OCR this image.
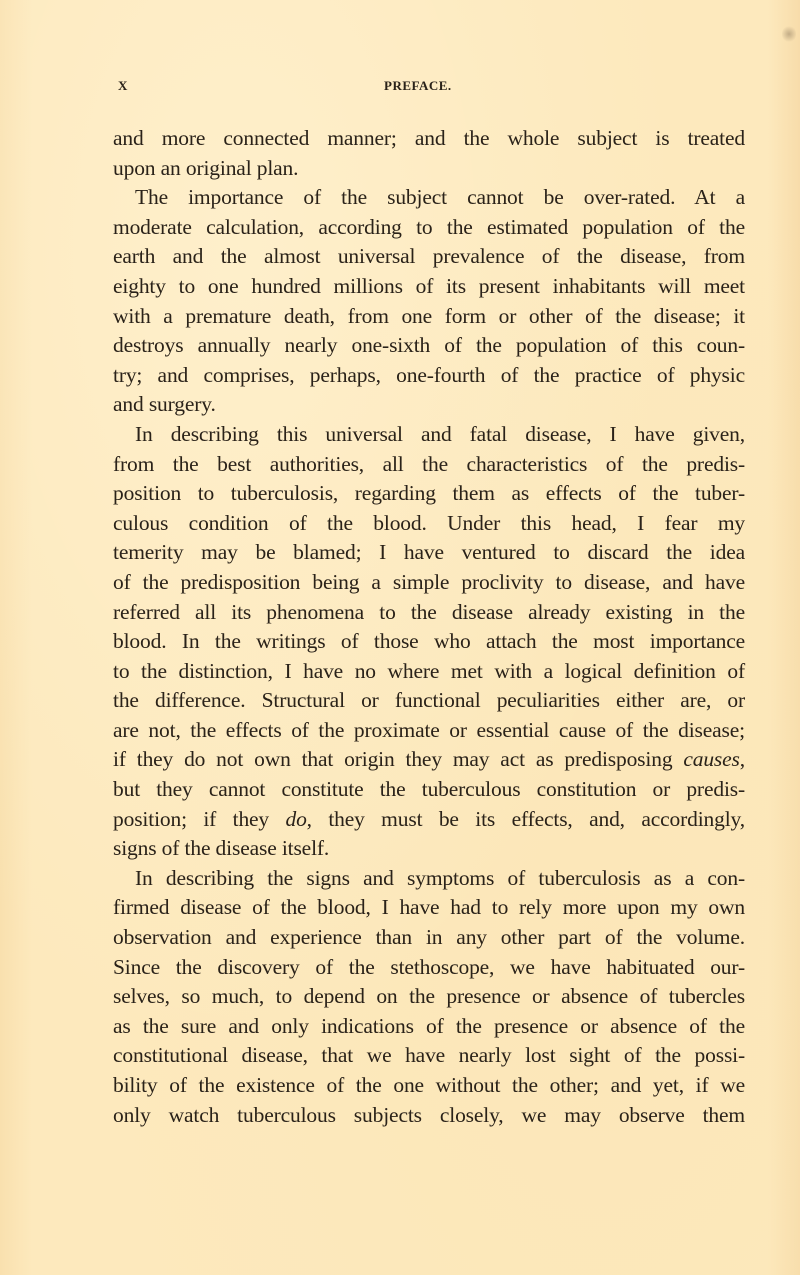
X	PREFACE.
and more connected manner; and the whole subject is treated
upon an original plan.
The importance of the subject cannot be over-rated. At a
moderate calculation, according to the estimated population of the
earth and the almost universal prevalence of the disease, from
eighty to one hundred millions of its present inhabitants will meet
with a premature death, from one form or other of the disease; it
destroys annually nearly one-sixth of the population of this coun-
try; and comprises, perhaps, one-fourth of the practice of physic
and surgery.
In describing this universal and fatal disease, I have given,
from the best authorities, all the characteristics of the predis-
position to tuberculosis, regarding them as effects of the tuber-
culous condition of the blood. Under this head, I fear my
temerity may be blamed; I have ventured to discard the idea
of the predisposition being a simple proclivity to disease, and have
referred all its phenomena to the disease already existing in the
blood. In the writings of those who attach the most importance
to the distinction, I have no where met with a logical definition of
the difference. Structural or functional peculiarities either are, or
are not, the effects of the proximate or essential cause of the disease;
if they do not own that origin they may act as predisposing causes,
but they cannot constitute the tuberculous constitution or predis-
position; if they do, they must be its effects, and, accordingly,
signs of the disease itself.
In describing the signs and symptoms of tuberculosis as a con-
firmed disease of the blood, I have had to rely more upon my own
observation and experience than in any other part of the volume.
Since the discovery of the stethoscope, we have habituated our-
selves, so much, to depend on the presence or absence of tubercles
as the sure and only indications of the presence or absence of the
constitutional disease, that we have nearly lost sight of the possi-
bility of the existence of the one without the other; and yet, if we
only watch tuberculous subjects closely, we may observe them
